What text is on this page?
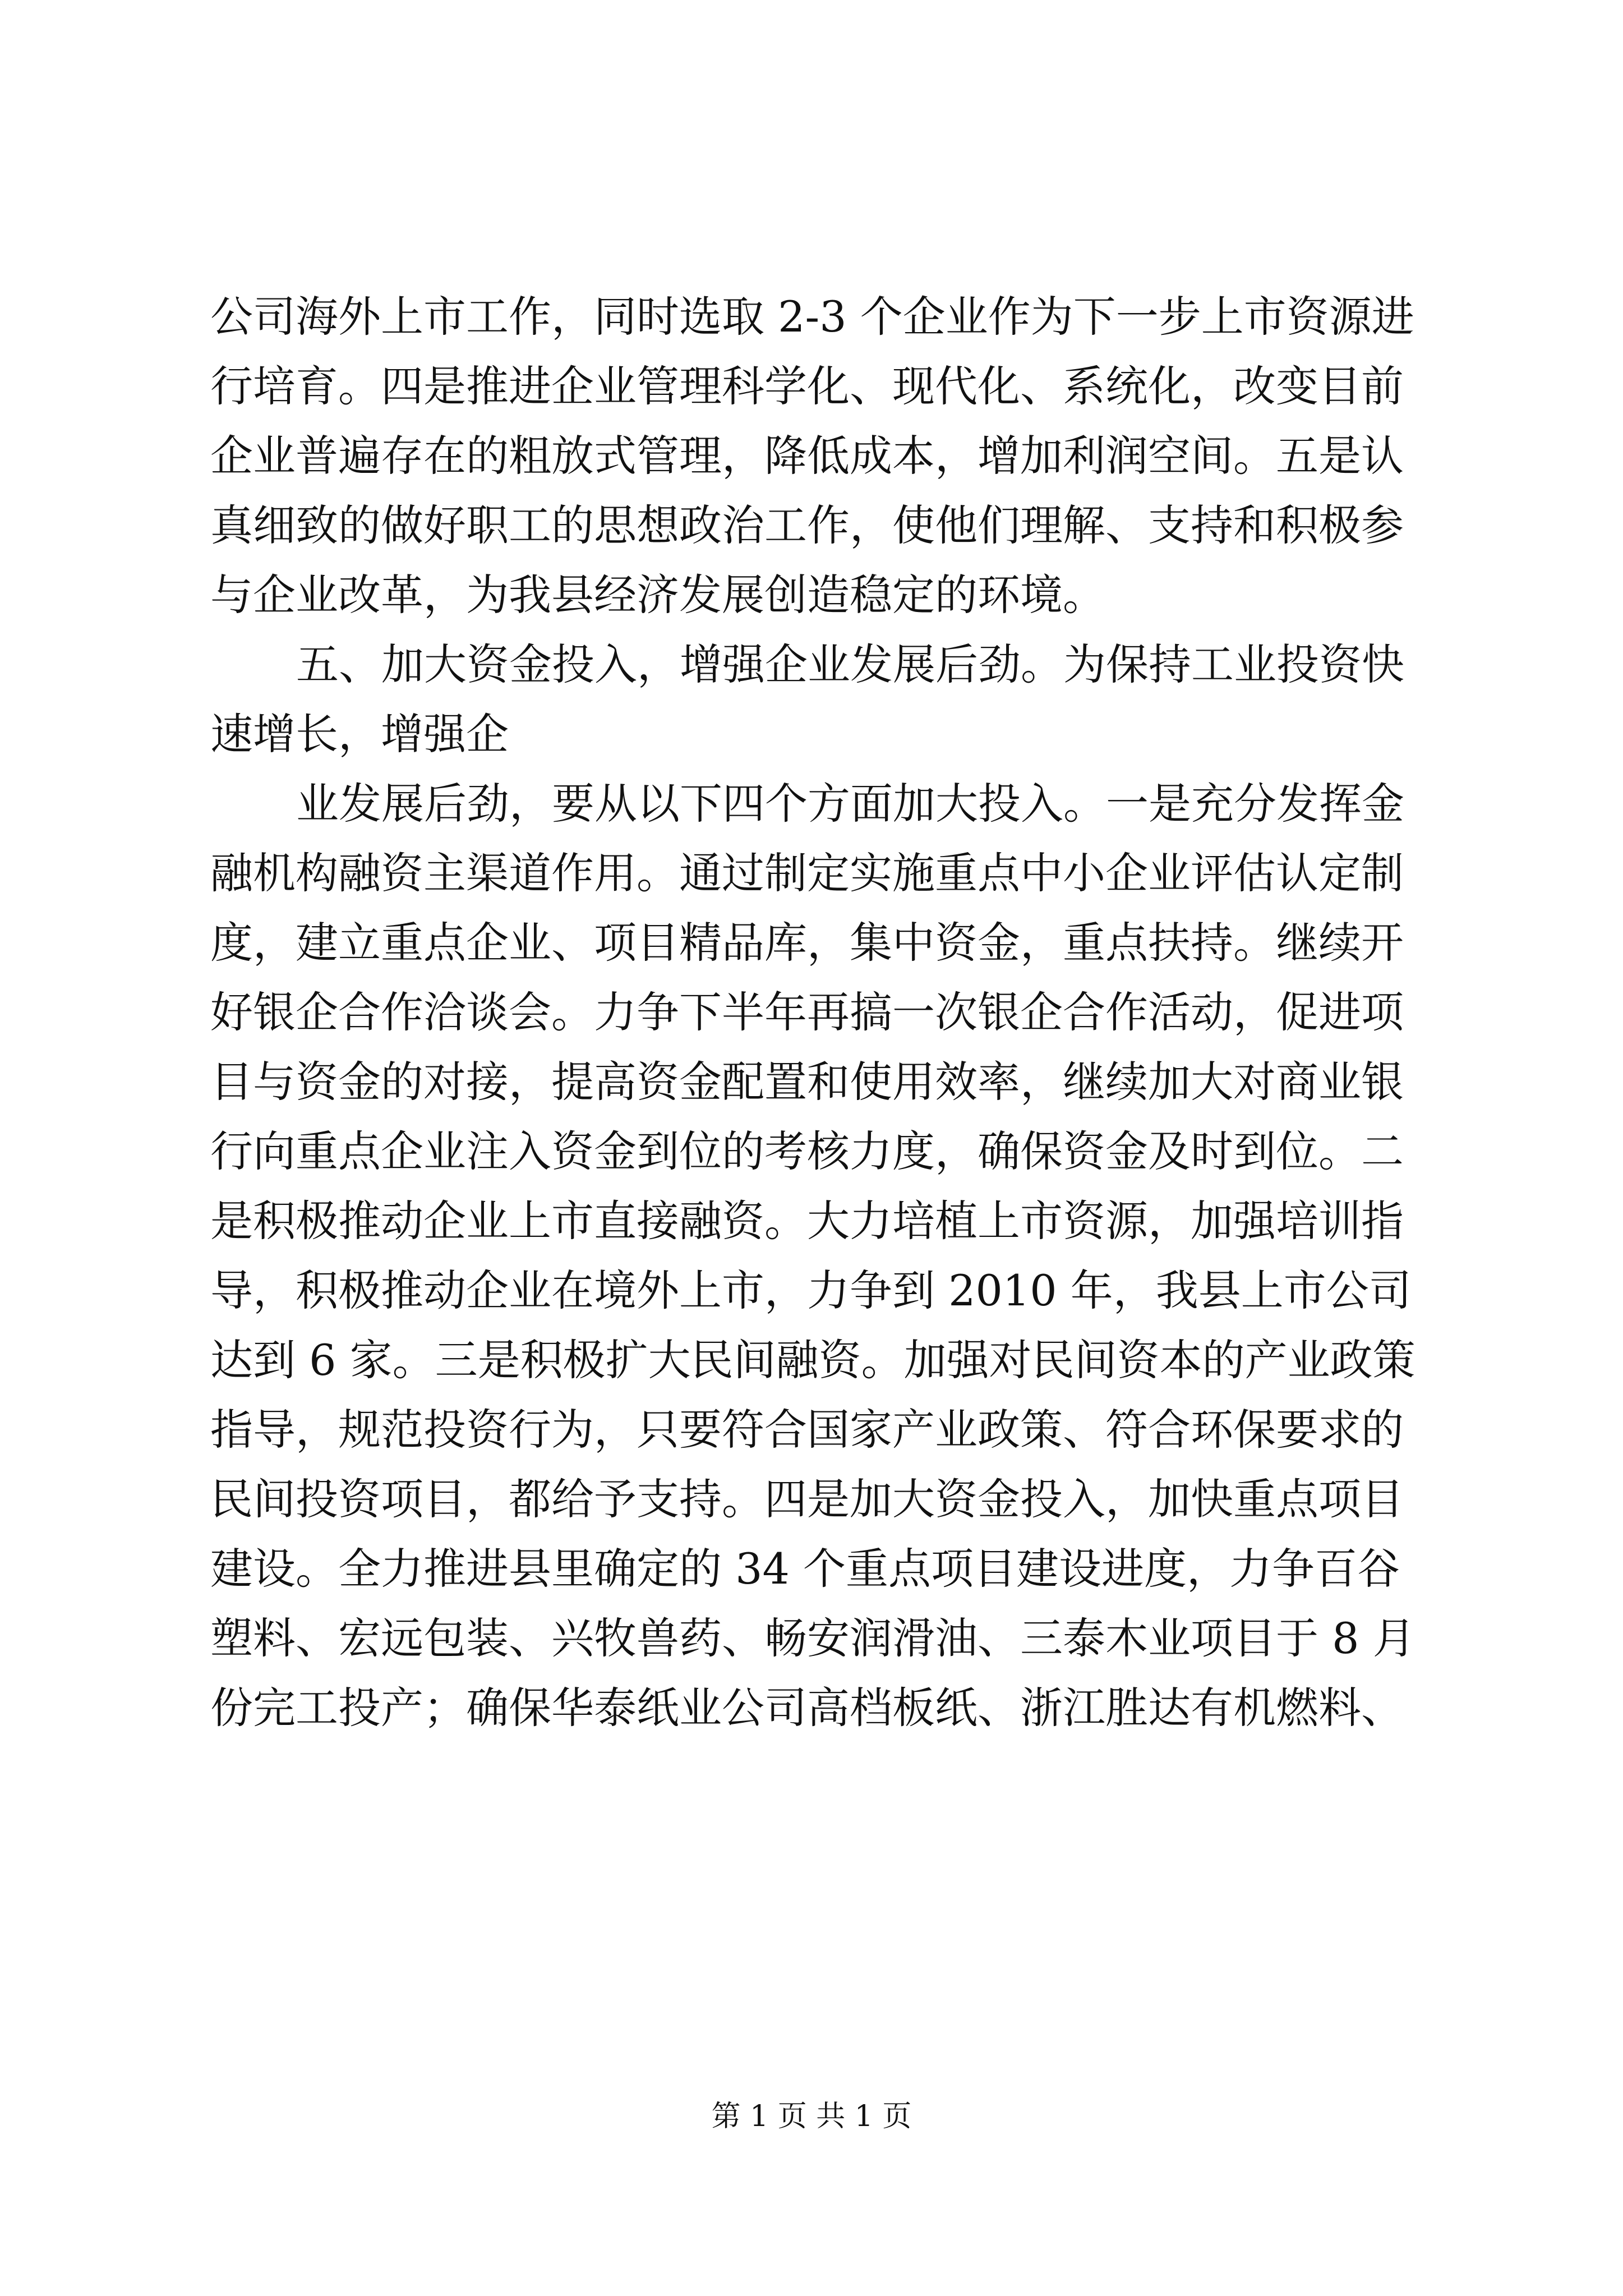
公司海外上市工作，同时选取 2-3 个企业作为下一步上市资源进
行培育。四是推进企业管理科学化、现代化、系统化，改变目前
企业普遍存在的粗放式管理，降低成本，增加利润空间。五是认
真细致的做好职工的思想政治工作，使他们理解、支持和积极参
与企业改革，为我县经济发展创造稳定的环境。
五、加大资金投入，增强企业发展后劲。为保持工业投资快
速增长，增强企
业发展后劲，要从以下四个方面加大投入。一是充分发挥金
融机构融资主渠道作用。通过制定实施重点中小企业评估认定制
度，建立重点企业、项目精品库，集中资金，重点扶持。继续开
好银企合作洽谈会。力争下半年再搞一次银企合作活动，促进项
目与资金的对接，提高资金配置和使用效率，继续加大对商业银
行向重点企业注入资金到位的考核力度，确保资金及时到位。二
是积极推动企业上市直接融资。大力培植上市资源，加强培训指
导，积极推动企业在境外上市，力争到 2010 年，我县上市公司
达到 6 家。三是积极扩大民间融资。加强对民间资本的产业政策
指导，规范投资行为，只要符合国家产业政策、符合环保要求的
民间投资项目，都给予支持。四是加大资金投入，加快重点项目
建设。全力推进县里确定的 34 个重点项目建设进度，力争百谷
塑料、宏远包装、兴牧兽药、畅安润滑油、三泰木业项目于 8 月
份完工投产；确保华泰纸业公司高档板纸、浙江胜达有机燃料、
第 1 页 共 1 页
